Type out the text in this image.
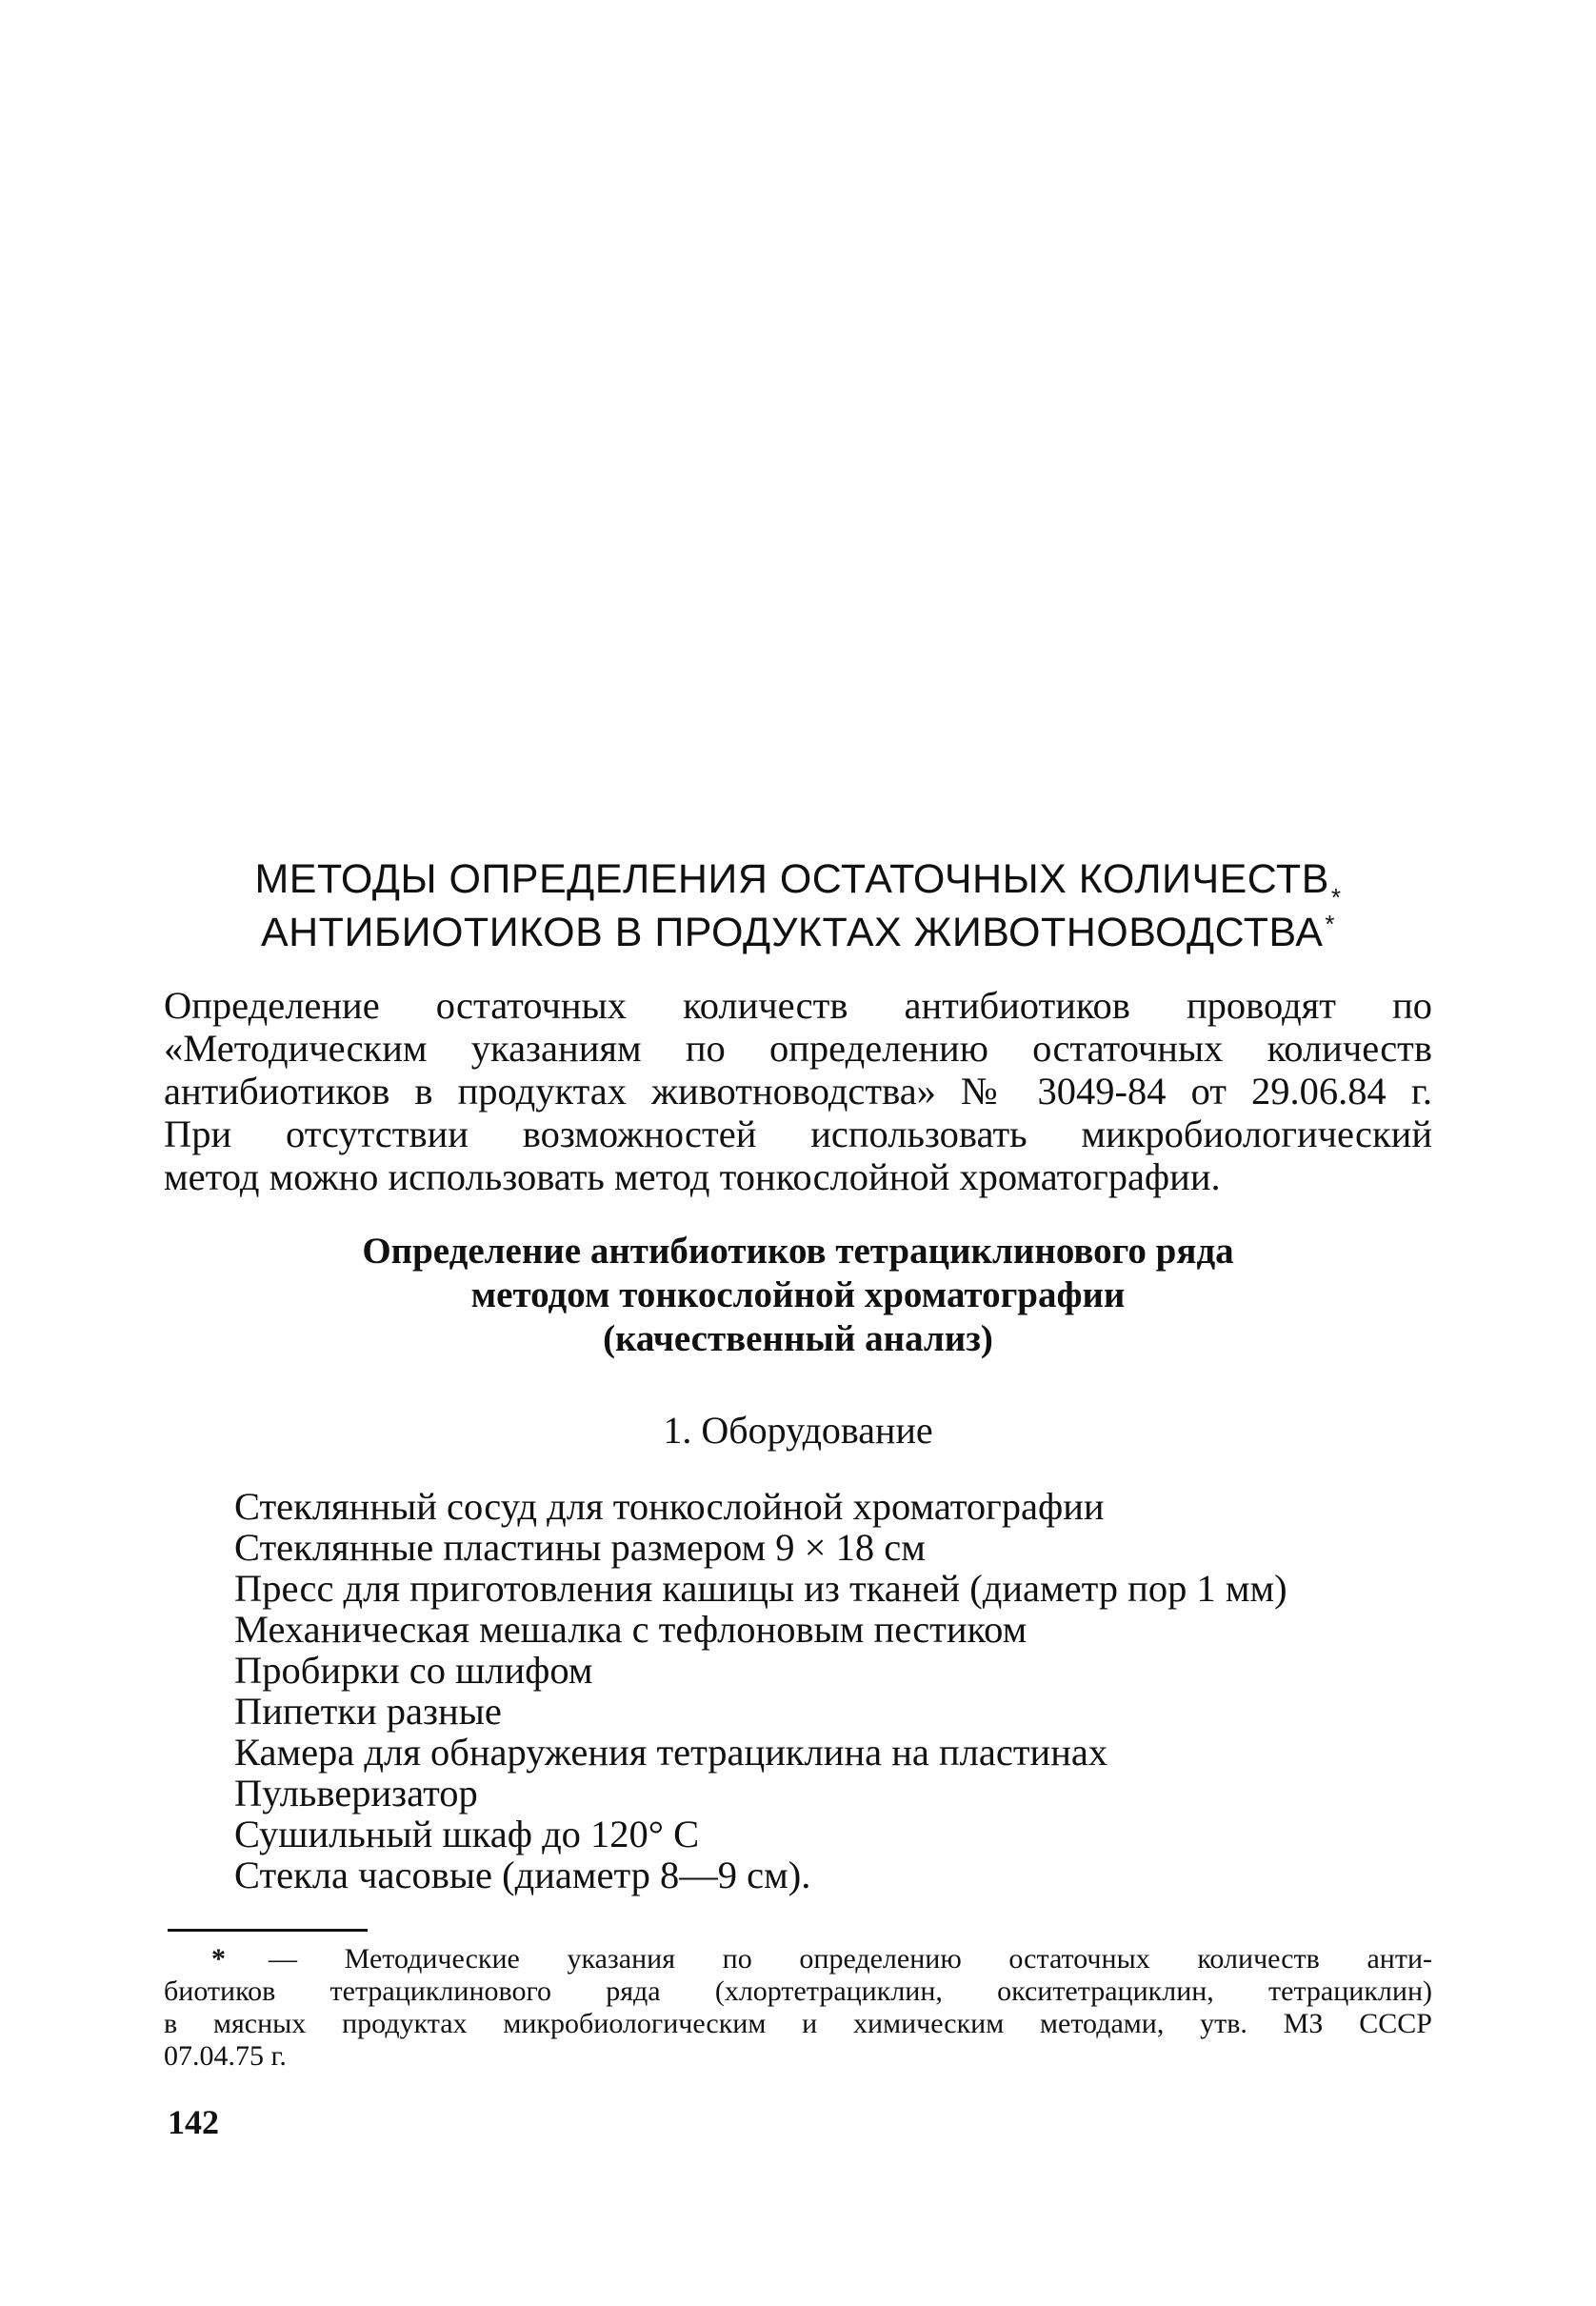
МЕТОДЫ ОПРЕДЕЛЕНИЯ ОСТАТОЧНЫХ $КОЛИЧЕСТВ_*$
АНТИБИОТИКОВ В ПРОДУКТАХ ЖИВОТНОВОДСТВА*

Определение остаточных количеств антибиотиков проводят по
«Методическим указаниям по определению остаточных количеств
антибиотиков в продуктах животноводства» № 3049-84 от 29.06.84 г.
При отсутствии возможностей использовать микробиологический
метод можно использовать метод тонкослойной хроматографии.

Определение антибиотиков тетрациклинового ряда
методом тонкослойной хроматографии
(качественный анализ)
1. Оборудование
Стеклянный сосуд для тонкослойной хроматографии
Стеклянные пластины размером 9 × 18 см
Пресс для приготовления кашицы из тканей (диаметр пор 1 мм)
Механическая мешалка с тефлоновым пестиком
Пробирки со шлифом
Пипетки разные
Камера для обнаружения тетрациклина на пластинах
Пульверизатор
Сушильный шкаф до 120° С
Стекла часовые (диаметр 8—9 см).

* — Методические указания по определению остаточных количеств анти-
биотиков тетрациклинового ряда (хлортетрациклин, окситетрациклин, тетрациклин)
в мясных продуктах микробиологическим и химическим методами, утв. МЗ СССР
07.04.75 г.

142
